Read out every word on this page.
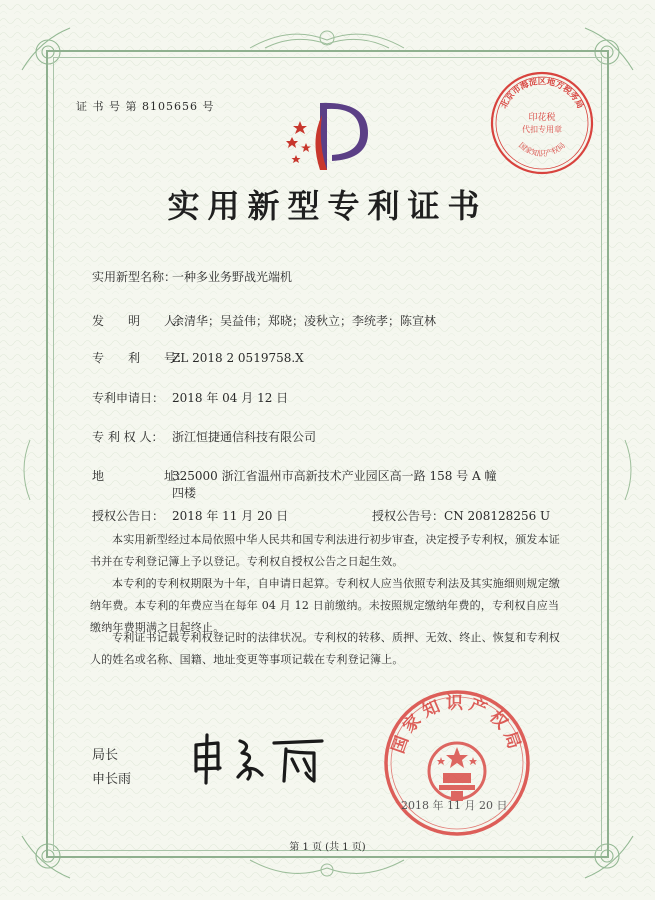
证 书 号 第 8105656 号	北京市海淀区地方税务局
印花税
代扣专用章
国家知识产权局
实用新型专利证书
实用新型名称：一种多业务野战光端机
发　　明　　人：余清华；吴益伟；郑晓；凌秋立；李统孝；陈宣林
专　　利　　号：ZL 2018 2 0519758.X
专利申请日： 2018 年 04 月 12 日
专 利 权 人： 浙江恒捷通信科技有限公司
地　　　　　址：325000 浙江省温州市高新技术产业园区高一路 158 号 A 幢
四楼
授权公告日： 2018 年 11 月 20 日	授权公告号：CN 208128256 U
本实用新型经过本局依照中华人民共和国专利法进行初步审查，决定授予专利权，颁发本证书并在专利登记簿上予以登记。专利权自授权公告之日起生效。
本专利的专利权期限为十年，自申请日起算。专利权人应当依照专利法及其实施细则规定缴纳年费。本专利的年费应当在每年 04 月 12 日前缴纳。未按照规定缴纳年费的，专利权自应当缴纳年费期满之日起终止。
专利证书记载专利权登记时的法律状况。专利权的转移、质押、无效、终止、恢复和专利权人的姓名或名称、国籍、地址变更等事项记载在专利登记簿上。
局长
申长雨
国家知识产权局
2018 年 11 月 20 日
第 1 页 (共 1 页)
